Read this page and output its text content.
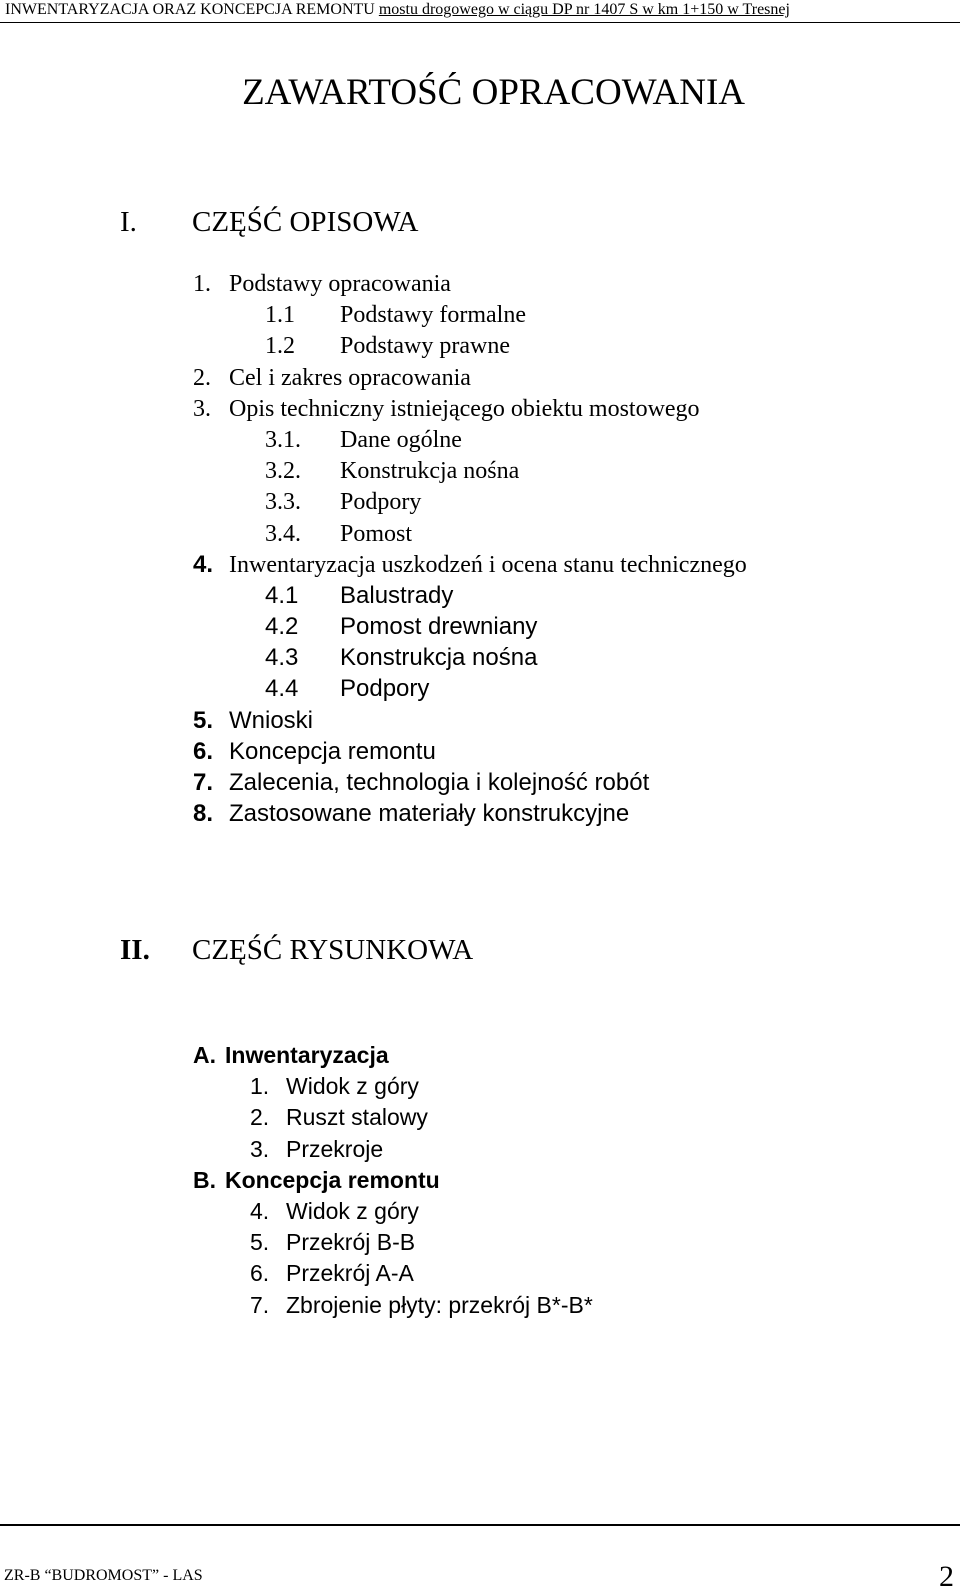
INWENTARYZACJA ORAZ KONCEPCJA REMONTU mostu drogowego w ciągu DP nr 1407 S w km 1+150 w Tresnej
ZAWARTOŚĆ OPRACOWANIA
I. CZĘŚĆ OPISOWA
1. Podstawy opracowania
1.1 Podstawy formalne
1.2 Podstawy prawne
2. Cel i zakres opracowania
3. Opis techniczny istniejącego obiektu mostowego
3.1. Dane ogólne
3.2. Konstrukcja nośna
3.3. Podpory
3.4. Pomost
4. Inwentaryzacja uszkodzeń i ocena stanu technicznego
4.1 Balustrady
4.2 Pomost drewniany
4.3 Konstrukcja nośna
4.4 Podpory
5. Wnioski
6. Koncepcja remontu
7. Zalecenia, technologia i kolejność robót
8. Zastosowane materiały konstrukcyjne
II. CZĘŚĆ RYSUNKOWA
A. Inwentaryzacja
1. Widok z góry
2. Ruszt stalowy
3. Przekroje
B. Koncepcja remontu
4. Widok z góry
5. Przekrój B-B
6. Przekrój A-A
7. Zbrojenie płyty: przekrój B*-B*
ZR-B “BUDROMOST” - LAS	2
